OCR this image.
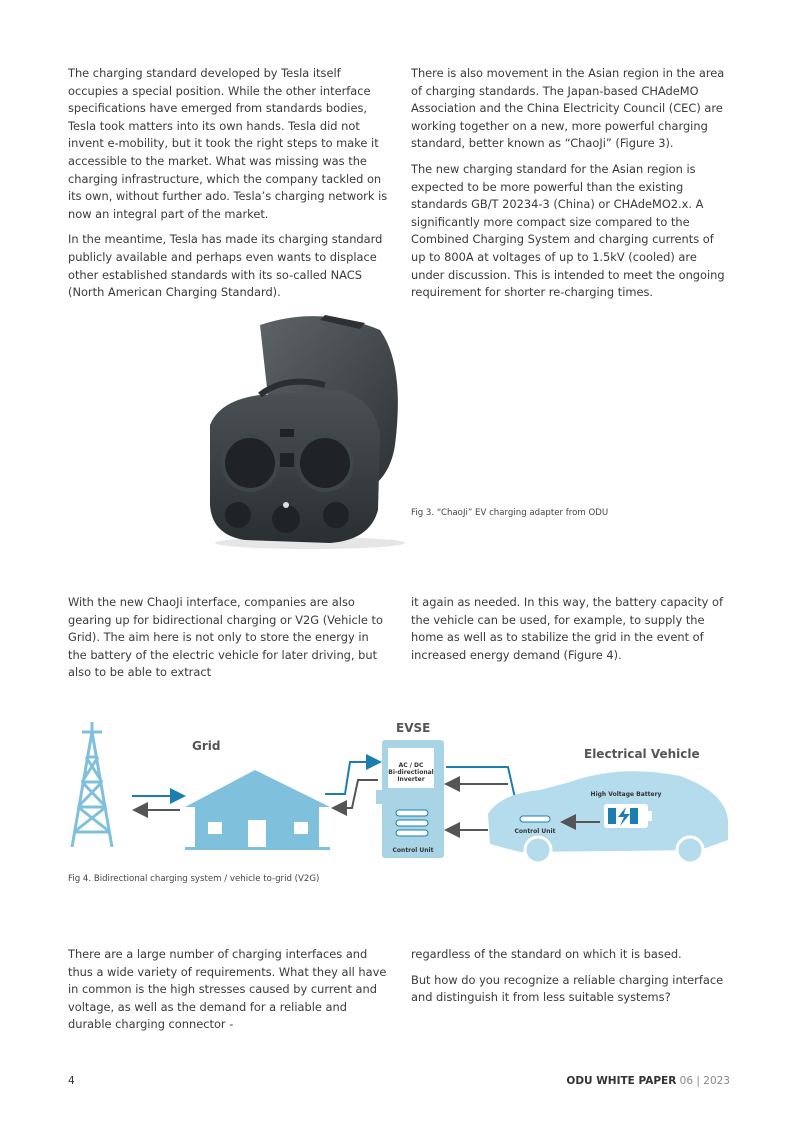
The charging standard developed by Tesla itself occupies a special position. While the other interface specifications have emerged from standards bodies, Tesla took matters into its own hands. Tesla did not invent e-mobility, but it took the right steps to make it accessible to the market. What was missing was the charging infrastructure, which the company tackled on its own, without further ado. Tesla’s charging network is now an integral part of the market.

In the meantime, Tesla has made its charging standard publicly available and perhaps even wants to displace other established standards with its so-called NACS (North American Charging Standard).

There is also movement in the Asian region in the area of charging standards. The Japan-based CHAdeMO Association and the China Electricity Council (CEC) are working together on a new, more powerful charging standard, better known as “ChaoJi” (Figure 3).

The new charging standard for the Asian region is expected to be more powerful than the existing standards GB/T 20234-3 (China) or CHAdeMO2.x. A significantly more compact size compared to the Combined Charging System and charging currents of up to 800A at voltages of up to 1.5kV (cooled) are under discussion. This is intended to meet the ongoing requirement for shorter re-charging times.

Fig 3. “ChaoJi” EV charging adapter from ODU

With the new ChaoJi interface, companies are also gearing up for bidirectional charging or V2G (Vehicle to Grid). The aim here is not only to store the energy in the battery of the electric vehicle for later driving, but also to be able to extract

it again as needed. In this way, the battery capacity of the vehicle can be used, for example, to supply the home as well as to stabilize the grid in the event of increased energy demand (Figure 4).

Grid
EVSE
AC / DC
Bi-directional
Inverter
Control Unit
Electrical Vehicle
High Voltage Battery
Control Unit
Fig 4. Bidirectional charging system / vehicle to-grid (V2G)

There are a large number of charging interfaces and thus a wide variety of requirements. What they all have in common is the high stresses caused by current and voltage, as well as the demand for a reliable and durable charging connector -

regardless of the standard on which it is based.

But how do you recognize a reliable charging interface and distinguish it from less suitable systems?

4	ODU WHITE PAPER 06 | 2023
